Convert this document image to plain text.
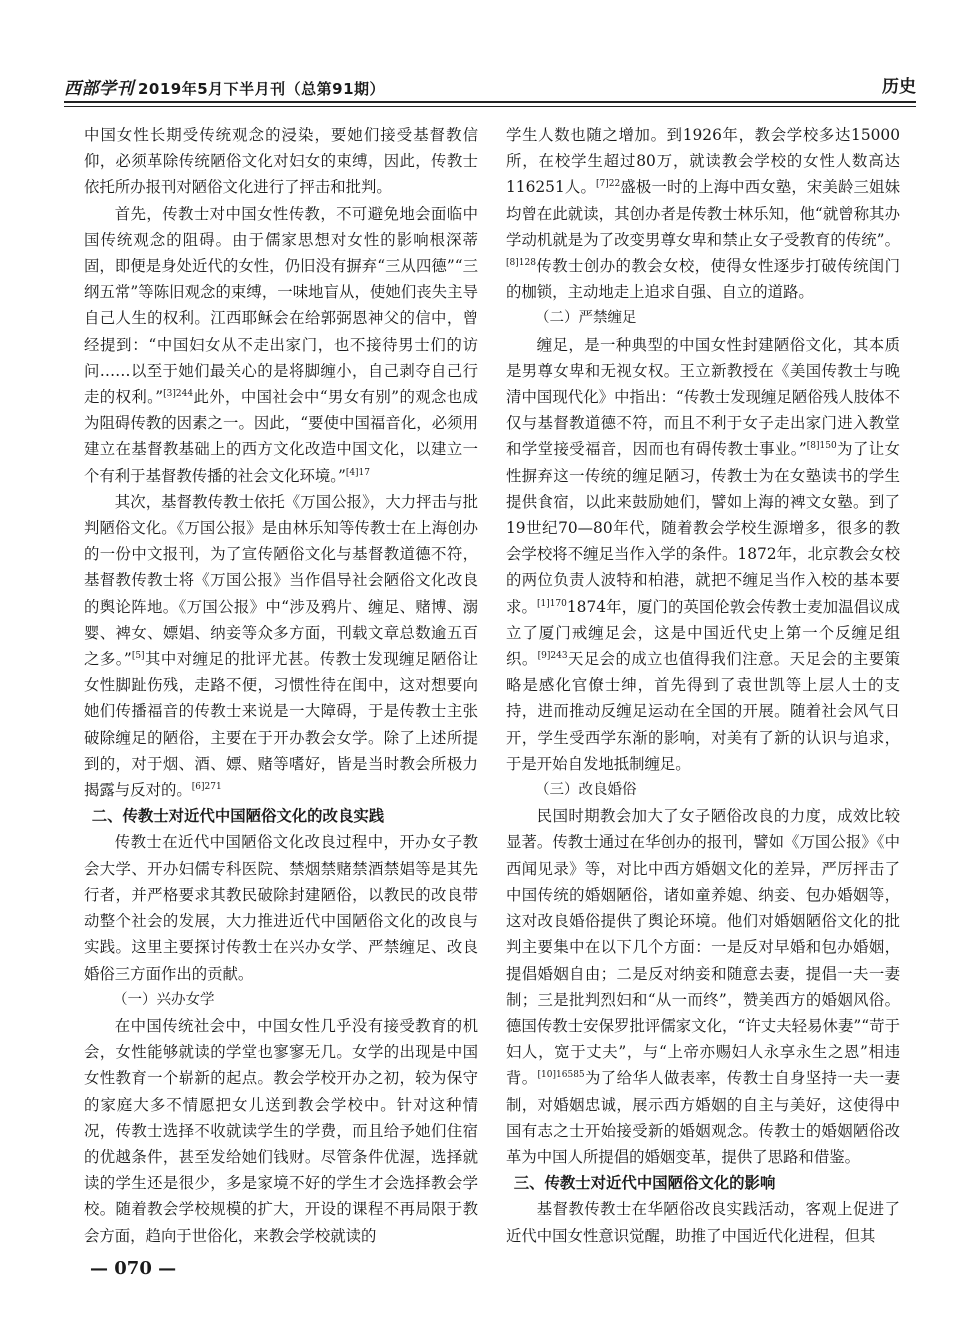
西部学刊 2019年5月下半月刊（总第91期）	历史

中国女性长期受传统观念的浸染，要她们接受基督教信仰，必须革除传统陋俗文化对妇女的束缚，因此，传教士依托所办报刊对陋俗文化进行了抨击和批判。

首先，传教士对中国女性传教，不可避免地会面临中国传统观念的阻碍。由于儒家思想对女性的影响根深蒂固，即便是身处近代的女性，仍旧没有摒弃“三从四德”“三纲五常”等陈旧观念的束缚，一味地盲从，使她们丧失主导自己人生的权利。江西耶稣会在给郭弼恩神父的信中，曾经提到：“中国妇女从不走出家门，也不接待男士们的访问……以至于她们最关心的是将脚缠小，自己剥夺自己行走的权利。”$^{[3]244}$此外，中国社会中“男女有别”的观念也成为阻碍传教的因素之一。因此，“要使中国福音化，必须用建立在基督教基础上的西方文化改造中国文化，以建立一个有利于基督教传播的社会文化环境。”$^{[4]17}$

其次，基督教传教士依托《万国公报》，大力抨击与批判陋俗文化。《万国公报》是由林乐知等传教士在上海创办的一份中文报刊，为了宣传陋俗文化与基督教道德不符，基督教传教士将《万国公报》当作倡导社会陋俗文化改良的舆论阵地。《万国公报》中“涉及鸦片、缠足、赌博、溺婴、裨女、嫖娼、纳妾等众多方面，刊载文章总数逾五百之多。”[5]其中对缠足的批评尤甚。传教士发现缠足陋俗让女性脚趾伤残，走路不便，习惯性待在闺中，这对想要向她们传播福音的传教士来说是一大障碍，于是传教士主张破除缠足的陋俗，主要在于开办教会女学。除了上述所提到的，对于烟、酒、嫖、赌等嗜好，皆是当时教会所极力揭露与反对的。$^{[6]271}$

二、传教士对近代中国陋俗文化的改良实践

传教士在近代中国陋俗文化改良过程中，开办女子教会大学、开办妇儒专科医院、禁烟禁赌禁酒禁娼等是其先行者，并严格要求其教民破除封建陋俗，以教民的改良带动整个社会的发展，大力推进近代中国陋俗文化的改良与实践。这里主要探讨传教士在兴办女学、严禁缠足、改良婚俗三方面作出的贡献。

（一）兴办女学

在中国传统社会中，中国女性几乎没有接受教育的机会，女性能够就读的学堂也寥寥无几。女学的出现是中国女性教育一个崭新的起点。教会学校开办之初，较为保守的家庭大多不情愿把女儿送到教会学校中。针对这种情况，传教士选择不收就读学生的学费，而且给予她们住宿的优越条件，甚至发给她们钱财。尽管条件优渥，选择就读的学生还是很少，多是家境不好的学生才会选择教会学校。随着教会学校规模的扩大，开设的课程不再局限于教会方面，趋向于世俗化，来教会学校就读的

学生人数也随之增加。到1926年，教会学校多达15000所，在校学生超过80万，就读教会学校的女性人数高达116251人。$^{[7]22}$盛极一时的上海中西女塾，宋美龄三姐妹均曾在此就读，其创办者是传教士林乐知，他“就曾称其办学动机就是为了改变男尊女卑和禁止女子受教育的传统”。$^{[8]128}$传教士创办的教会女校，使得女性逐步打破传统闺门的枷锁，主动地走上追求自强、自立的道路。

（二）严禁缠足

缠足，是一种典型的中国女性封建陋俗文化，其本质是男尊女卑和无视女权。王立新教授在《美国传教士与晚清中国现代化》中指出：“传教士发现缠足陋俗残人肢体不仅与基督教道德不符，而且不利于女子走出家门进入教堂和学堂接受福音，因而也有碍传教士事业。”$^{[8]150}$为了让女性摒弃这一传统的缠足陋习，传教士为在女塾读书的学生提供食宿，以此来鼓励她们，譬如上海的裨文女塾。到了19世纪70—80年代，随着教会学校生源增多，很多的教会学校将不缠足当作入学的条件。1872年，北京教会女校的两位负责人波特和柏港，就把不缠足当作入校的基本要求。$^{[1]170}$1874年，厦门的英国伦敦会传教士麦加温倡议成立了厦门戒缠足会，这是中国近代史上第一个反缠足组织。$^{[9]243}$天足会的成立也值得我们注意。天足会的主要策略是感化官僚士绅，首先得到了袁世凯等上层人士的支持，进而推动反缠足运动在全国的开展。随着社会风气日开，学生受西学东渐的影响，对美有了新的认识与追求，于是开始自发地抵制缠足。

（三）改良婚俗

民国时期教会加大了女子陋俗改良的力度，成效比较显著。传教士通过在华创办的报刊，譬如《万国公报》《中西闻见录》等，对比中西方婚姻文化的差异，严厉抨击了中国传统的婚姻陋俗，诸如童养媳、纳妾、包办婚姻等，这对改良婚俗提供了舆论环境。他们对婚姻陋俗文化的批判主要集中在以下几个方面：一是反对早婚和包办婚姻，提倡婚姻自由；二是反对纳妾和随意去妻，提倡一夫一妻制；三是批判烈妇和“从一而终”，赞美西方的婚姻风俗。德国传教士安保罗批评儒家文化，“许丈夫轻易休妻”“苛于妇人，宽于丈夫”，与“上帝亦赐妇人永享永生之恩”相违背。$^{[10]16585}$为了给华人做表率，传教士自身坚持一夫一妻制，对婚姻忠诚，展示西方婚姻的自主与美好，这使得中国有志之士开始接受新的婚姻观念。传教士的婚姻陋俗改革为中国人所提倡的婚姻变革，提供了思路和借鉴。

三、传教士对近代中国陋俗文化的影响

基督教传教士在华陋俗改良实践活动，客观上促进了近代中国女性意识觉醒，助推了中国近代化进程，但其

— 070 —
